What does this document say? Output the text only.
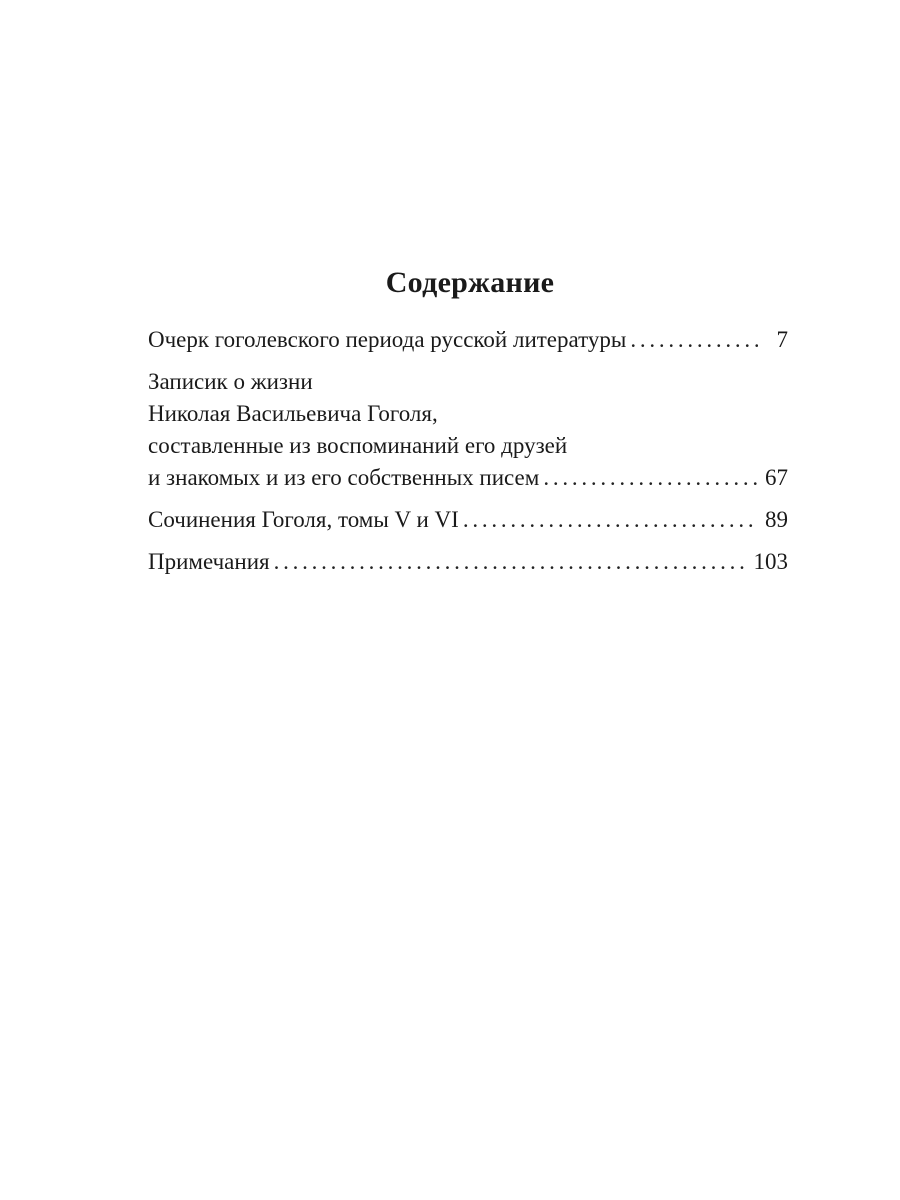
Содержание
Очерк гоголевского периода русской литературы . . .	7
Записик о жизни
Николая Васильевича Гоголя,
составленные из воспоминаний его друзей
и знакомых и из его собственных писем . . .	67
Сочинения Гоголя, томы V и VI . . .	89
Примечания . . .	103
